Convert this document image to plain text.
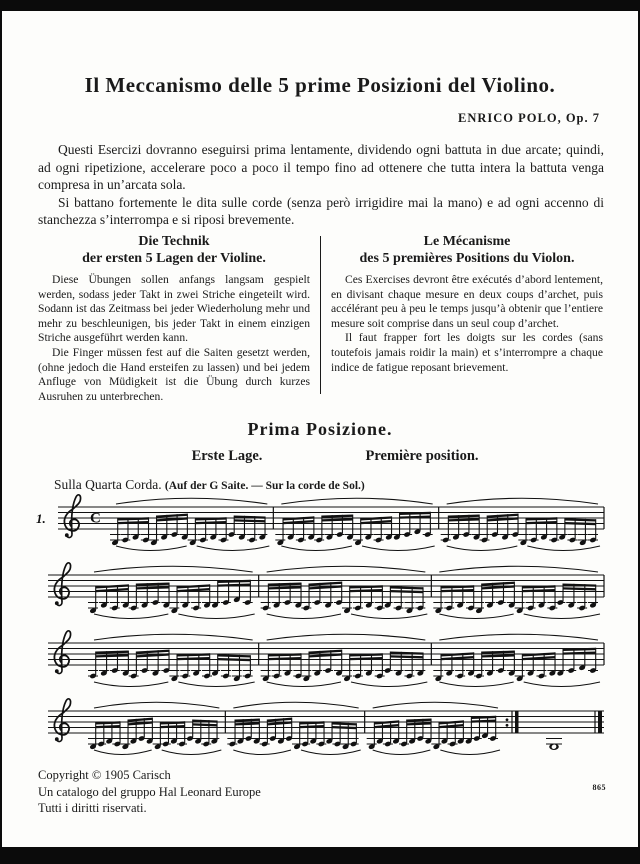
Il Meccanismo delle 5 prime Posizioni del Violino.
ENRICO POLO, Op. 7

Questi Esercizi dovranno eseguirsi prima lentamente, dividendo ogni battuta in due arcate; quindi, ad ogni ripetizione, accelerare poco a poco il tempo fino ad ottenere che tutta intera la battuta venga compresa in un’arcata sola.

Si battano fortemente le dita sulle corde (senza però irrigidire mai la mano) e ad ogni accenno di stanchezza s’interrompa e si riposi brevemente.

Die Technik
der ersten 5 Lagen der Violine.

Diese Übungen sollen anfangs langsam gespielt werden, sodass jeder Takt in zwei Striche eingeteilt wird. Sodann ist das Zeitmass bei jeder Wiederholung mehr und mehr zu beschleunigen, bis jeder Takt in einem einzigen Striche ausgeführt werden kann.

Die Finger müssen fest auf die Saiten gesetzt werden, (ohne jedoch die Hand ersteifen zu lassen) und bei jedem Anfluge von Müdigkeit ist die Übung durch kurzes Ausruhen zu unterbrechen.

Le Mécanisme
des 5 premières Positions du Violon.

Ces Exercises devront être exécutés d’abord lentement, en divisant chaque mesure en deux coups d’archet, puis accélérant peu à peu le temps jusqu’à obtenir que l’entiere mesure soit comprise dans un seul coup d’archet.

Il faut frapper fort les doigts sur les cordes (sans toutefois jamais roidir la main) et s’interrompre a chaque indice de fatigue reposant brievement.

Prima Posizione.
Erste Lage.	Première position.
Sulla Quarta Corda. (Auf der G Saite. — Sur la corde de Sol.)
1.	C
Copyright © 1905 Carisch
Un catalogo del gruppo Hal Leonard Europe
Tutti i diritti riservati.
865
